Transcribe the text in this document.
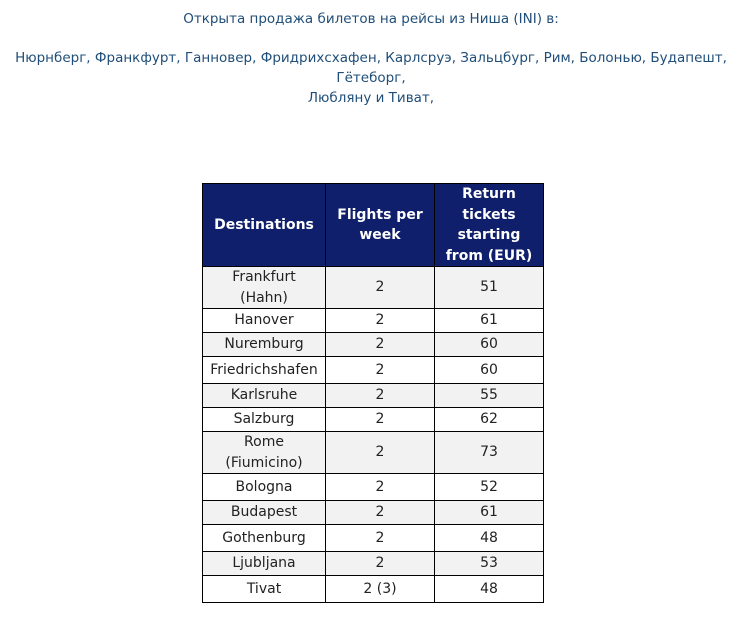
Открыта продажа билетов на рейсы из Ниша (INI) в:
Нюрнберг, Франкфурт, Ганновер, Фридрихсхафен, Карлсруэ, Зальцбург, Рим, Болонью, Будапешт, Гётеборг,
Любляну и Тиват,
Destinations	Flights per week	Return tickets starting from (EUR)
Frankfurt (Hahn)	2	51
Hanover	2	61
Nuremburg	2	60
Friedrichshafen	2	60
Karlsruhe	2	55
Salzburg	2	62
Rome (Fiumicino)	2	73
Bologna	2	52
Budapest	2	61
Gothenburg	2	48
Ljubljana	2	53
Tivat	2 (3)	48
